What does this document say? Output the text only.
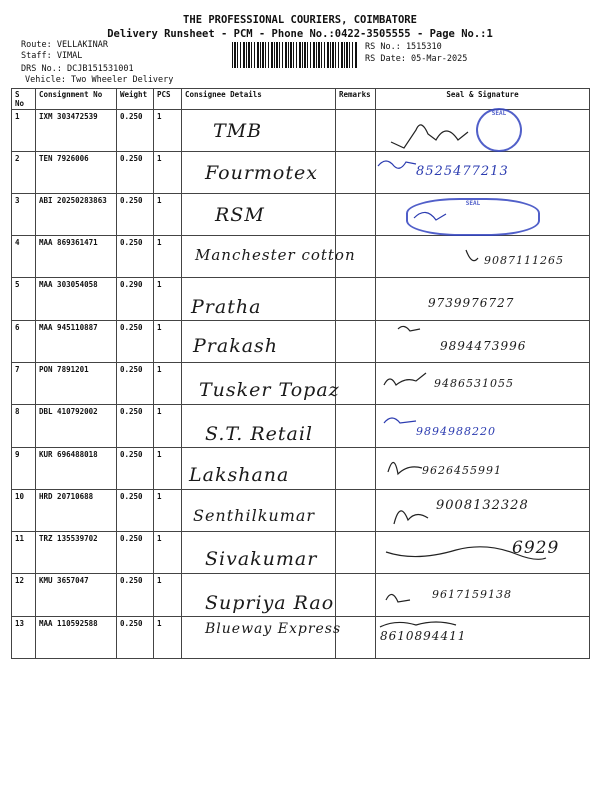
THE PROFESSIONAL COURIERS, COIMBATORE
Delivery Runsheet - PCM - Phone No.:0422-3505555 - Page No.:1
Route: VELLAKINAR
Staff: VIMAL
DRS No.: DCJB151531001
Vehicle: Two Wheeler Delivery
RS No.: 1515310
RS Date: 05-Mar-2025
S No	Consignment No	Weight	PCS	Consignee Details	Remarks	Seal & Signature
1	IXM 303472539	0.250	1	TMB		SEAL

2	TEN 7926006	0.250	1	Fourmotex		8525477213

3	ABI 20250283863	0.250	1	RSM		SEAL

4	MAA 869361471	0.250	1	Manchester cotton		9087111265

5	MAA 303054058	0.290	1	Pratha		9739976727

6	MAA 945110887	0.250	1	Prakash		9894473996

7	PON 7891201	0.250	1	Tusker Topaz		9486531055

8	DBL 410792002	0.250	1	S.T. Retail		9894988220

9	KUR 696488018	0.250	1	Lakshana		9626455991

10	HRD 20710688	0.250	1	Senthilkumar		9008132328

11	TRZ 135539702	0.250	1	Sivakumar		6929

12	KMU 3657047	0.250	1	Supriya Rao		9617159138

13	MAA 110592588	0.250	1	Blueway Express		8610894411
